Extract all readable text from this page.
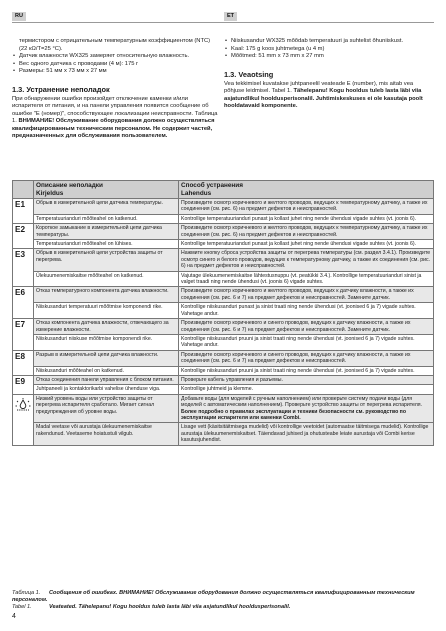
RU	ET
термистором с отрицательным температурным коэффициентом (NTC) (22 кΩ/T=25 °С).
• Датчик влажности WX325 замеряет относительную влажность.
• Вес одного датчика с проводами (4 м): 175 г
• Размеры: 51 мм x 73 мм x 27 мм
1.3. Устранение неполадок
При обнаружении ошибки произойдет отключение каменки и/или испарителя от питания, и на панели управления появится сообщение об ошибке "E (номер)", способствующее локализации неисправности. Таблица 1. ВНИМАНИЕ! Обслуживание оборудования должно осуществляться квалифицированным техническим персоналом. Не содержит частей, предназначенных для обслуживания пользователем.
• Niiskusandur WX325 mõõdab temperatuuri ja suhtelist õhuniiskust.
• Kaal: 175 g koos juhtmetega (u 4 m)
• Mõõtmed: 51 mm x 73 mm x 27 mm
1.3. Veaotsing
Vea tekkimisel kuvatakse juhtpaneelil veateade E (number), mis aitab vea põhjuse leidmisel. Tabel 1. Tähelepanu! Kogu hooldus tuleb lasta läbi viia asjatundlikul hooldusperisonalil. Juhtimiskeskuses ei ole kasutaja poolt hooldatavaid komponente.
	Описание неполадки
Kirjeldus	Способ устранения
Lahendus
E1	Обрыв в измерительной цепи датчика температуры.	Произведите осмотр коричневого и желтого проводов, ведущих к температурному датчику, а также их соединения (см. рис. 6) на предмет дефектов и неисправностей.
	Temperatuurianduri mõõteahel on katkenud.	Kontrollige temperatuurianduri punast ja kollast juhet ning nende ühendusi vigade suhtes (vt. joonis 6).
E2	Короткое замыкание в измерительной цепи датчика температуры.	Произведите осмотр коричневого и желтого проводов, ведущих к температурному датчику, а также их соединения (см. рис. 6) на предмет дефектов и неисправностей.
	Temperatuurianduri mõõteahel on lühises.	Kontrollige temperatuurianduri punast ja kollast juhet ning nende ühendusi vigade suhtes (vt. joonis 6).
E3	Обрыв в измерительной цепи устройства защиты от перегрева.	Нажмите кнопку сброса устройства защиты от перегрева температуры (см. раздел 3.4.1). Произведите осмотр синего и белого проводов, ведущих к температурному датчику, а также их соединения (см. рис. 6) на предмет дефектов и неисправностей.
	Ülekuumenemiskaitse mõõteahel on katkenud.	Vajutage ülekuumenemiskaitse lähtestusnuppu (vt. peatükki 3.4.). Kontrollige temperatuurianduri sinist ja valget traadi ning nende ühendusi (vt. joonis 6) vigade suhtes.
E6	Отказ температурного компонента датчика влажности.	Произведите осмотр коричневого и желтого проводов, ведущих к датчику влажности, а также их соединения (см. рис. 6 и 7) на предмет дефектов и неисправностей. Замените датчик.
	Niiskusanduri temperatuuri mõõtmise komponendi rike.	Kontrollige niiskusanduri punast ja sinist traati ning nende ühendusi (vt. joonised 6 ja 7) vigade suhtes. Vahetage andur.
E7	Отказ компонента датчика влажности, отвечающего за измерение влажности.	Произведите осмотр коричневого и синего проводов, ведущих к датчику влажности, а также их соединения (см. рис. 6 и 7) на предмет дефектов и неисправностей. Замените датчик.
	Niiskusanduri niiskuse mõõtmise komponendi rike.	Kontrollige niiskusanduri pruuni ja sinist traati ning nende ühendusi (vt. joonised 6 ja 7) vigade suhtes. Vahetage andur.
E8	Разрыв в измерительной цепи датчика влажности.	Произведите осмотр коричневого и синего проводов, ведущих к датчику влажности, а также их соединения (см. рис. 6 и 7) на предмет дефектов и неисправностей.
	Niiskusanduri mõõteahel on katkenud.	Kontrollige niiskusanduri pruuni ja sinist traati ning nende ühendusi (vt. joonised 6 ja 7) vigade suhtes.
E9	Отказ соединения панели управления с блоком питания.	Проверьте кабель управления и разъемы.
	Juhtpaneeli ja kontaktorikarbi vahelise ühenduse viga.	Kontrollige juhtmeid ja klemme.
	Низкий уровень воды или устройство защиты от перегрева испарителя сработало. Мигает сигнал предупреждения об уровне воды.	Добавьте воды (для моделей с ручным наполнением) или проверьте систему подачи воды (для моделей с автоматическим наполнением). Проверьте устройство защиты от перегрева испарителя. Более подробно о правилах эксплуатации и техники безопасности см. руководство по эксплуатации испарителя или каменки Combi.
	Madal veetase või aurustaja ülekuumenemiskaitse rakendunud. Veetaseme hoiatustuli vilgub.	Lisage vett (käsitsitäitmisega mudelid) või kontrollige veetoidet (automaatse täitmisega mudelid). Kontrollige aurustaja ülekuumenemiskaitset. Täiendavad juhised ja ohutusteabe leiate aurustaja või Combi kerise kasutusjuhendist.
Таблица 1. Сообщения об ошибках. ВНИМАНИЕ! Обслуживание оборудования должно осуществляться квалифицированным техническим персоналом.
Tabel 1.	Veateated. Tähelepanu! Kogu hooldus tuleb lasta läbi viia asjatundlikul hooldusperisonalil.
4
